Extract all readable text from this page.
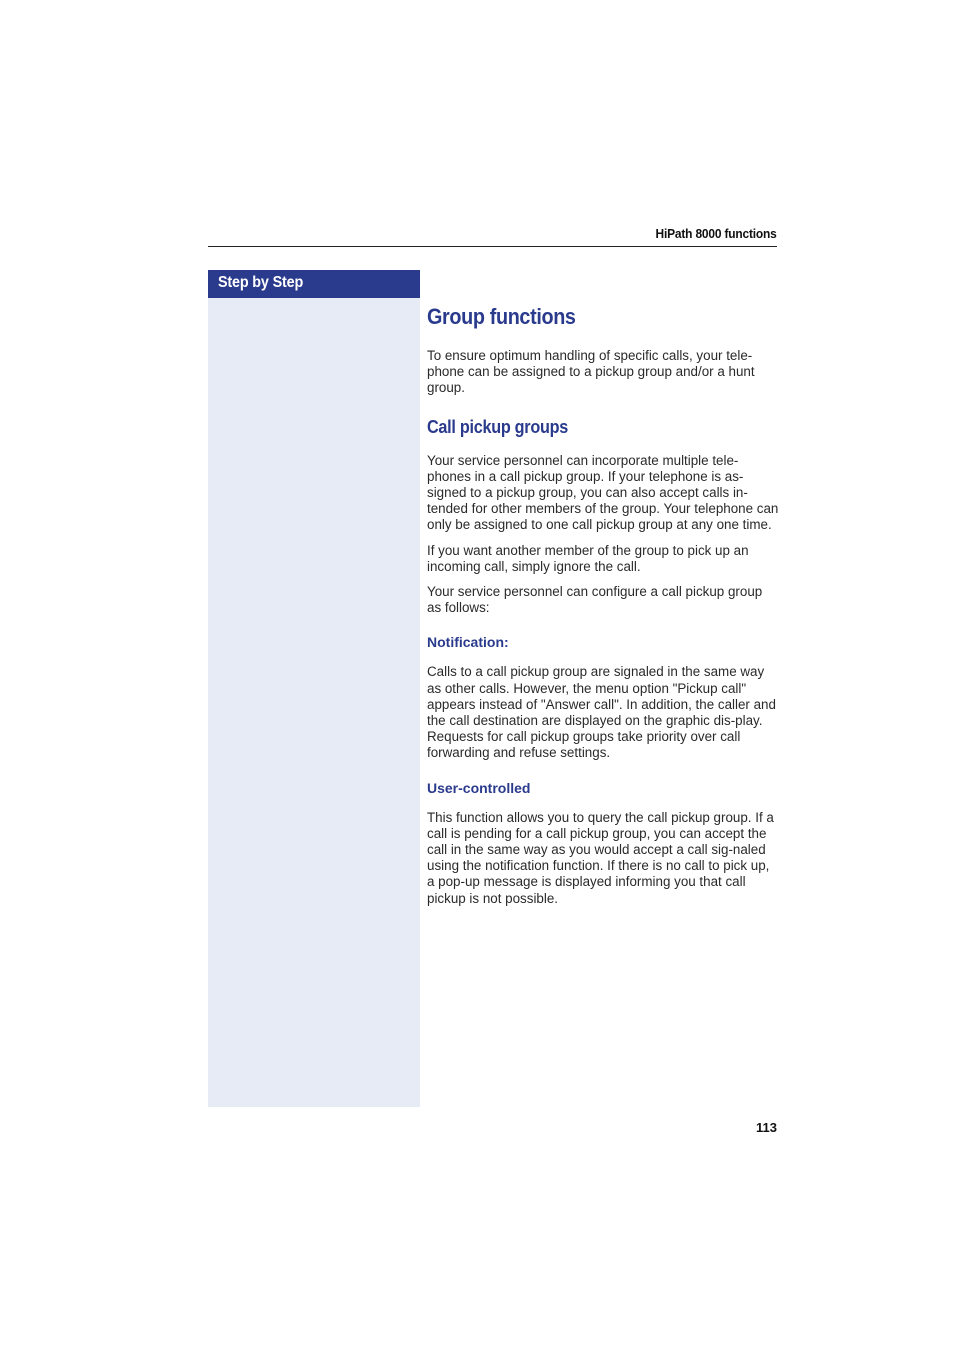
HiPath 8000 functions
Step by Step
Group functions

To ensure optimum handling of specific calls, your tele-phone can be assigned to a pickup group and/or a hunt group.

Call pickup groups

Your service personnel can incorporate multiple tele-phones in a call pickup group. If your telephone is as-signed to a pickup group, you can also accept calls in-tended for other members of the group. Your telephone can only be assigned to one call pickup group at any one time.

If you want another member of the group to pick up an incoming call, simply ignore the call.

Your service personnel can configure a call pickup group as follows:

Notification:

Calls to a call pickup group are signaled in the same way as other calls. However, the menu option "Pickup call" appears instead of "Answer call". In addition, the caller and the call destination are displayed on the graphic dis-play. Requests for call pickup groups take priority over call forwarding and refuse settings.

User-controlled

This function allows you to query the call pickup group. If a call is pending for a call pickup group, you can accept the call in the same way as you would accept a call sig-naled using the notification function. If there is no call to pick up, a pop-up message is displayed informing you that call pickup is not possible.

113
